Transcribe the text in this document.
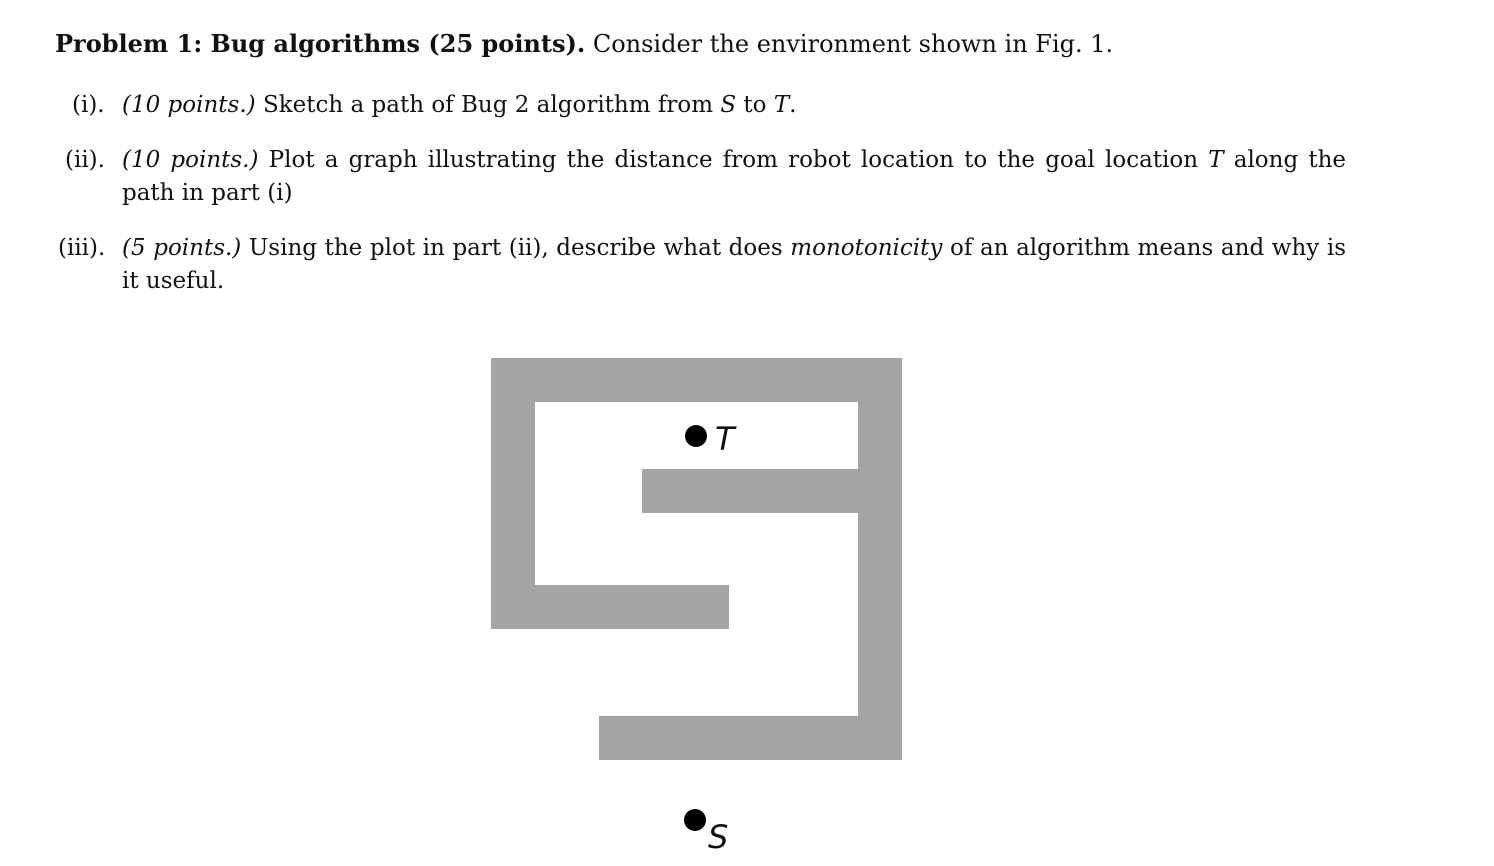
Problem 1: Bug algorithms (25 points). Consider the environment shown in Fig. 1.
(i). (10 points.) Sketch a path of Bug 2 algorithm from S to T.
(ii). (10 points.) Plot a graph illustrating the distance from robot location to the goal location T along the path in part (i)
(iii). (5 points.) Using the plot in part (ii), describe what does monotonicity of an algorithm means and why is it useful.
T
S
